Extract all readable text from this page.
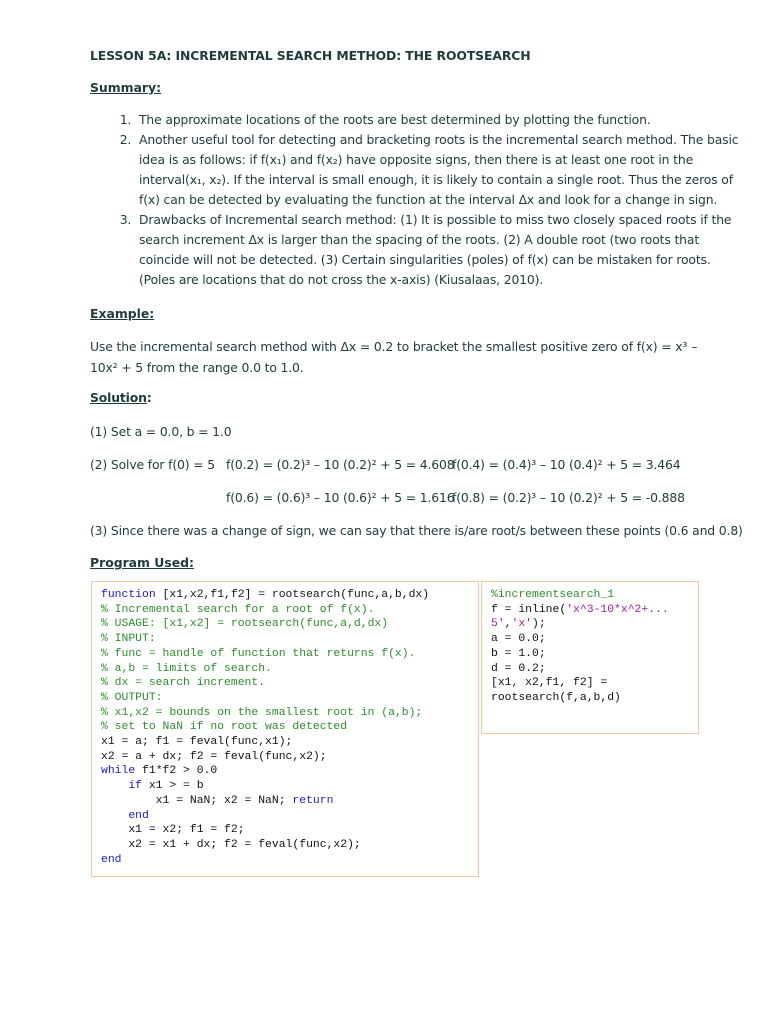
LESSON 5A: INCREMENTAL SEARCH METHOD: THE ROOTSEARCH
Summary:
1. The approximate locations of the roots are best determined by plotting the function.
2. Another useful tool for detecting and bracketing roots is the incremental search method. The basic idea is as follows: if f(x₁) and f(x₂) have opposite signs, then there is at least one root in the interval(x₁, x₂). If the interval is small enough, it is likely to contain a single root. Thus the zeros of f(x) can be detected by evaluating the function at the interval Δx and look for a change in sign.
3. Drawbacks of Incremental search method: (1) It is possible to miss two closely spaced roots if the search increment Δx is larger than the spacing of the roots. (2) A double root (two roots that coincide will not be detected. (3) Certain singularities (poles) of f(x) can be mistaken for roots. (Poles are locations that do not cross the x-axis) (Kiusalaas, 2010).
Example:
Use the incremental search method with Δx = 0.2 to bracket the smallest positive zero of f(x) = x³ – 10x² + 5 from the range 0.0 to 1.0.
Solution:
(1) Set a = 0.0, b = 1.0
(2) Solve for f(0) = 5 f(0.2) = (0.2)³ – 10 (0.2)² + 5 = 4.608
f(0.4) = (0.4)³ – 10 (0.4)² + 5 = 3.464
f(0.6) = (0.6)³ – 10 (0.6)² + 5 = 1.616
f(0.8) = (0.2)³ – 10 (0.2)² + 5 = -0.888
(3) Since there was a change of sign, we can say that there is/are root/s between these points (0.6 and 0.8)
Program Used:
function [x1,x2,f1,f2] = rootsearch(func,a,b,dx)
% Incremental search for a root of f(x).
% USAGE: [x1,x2] = rootsearch(func,a,d,dx)
% INPUT:
% func = handle of function that returns f(x).
% a,b = limits of search.
% dx = search increment.
% OUTPUT:
% x1,x2 = bounds on the smallest root in (a,b);
% set to NaN if no root was detected
x1 = a; f1 = feval(func,x1);
x2 = a + dx; f2 = feval(func,x2);
while f1*f2 > 0.0
if x1 > = b
x1 = NaN; x2 = NaN; return
end
x1 = x2; f1 = f2;
x2 = x1 + dx; f2 = feval(func,x2);
end
%incrementsearch_1
f = inline('x^3-10*x^2+...
5','x');
a = 0.0;
b = 1.0;
d = 0.2;
[x1, x2,f1, f2] =
rootsearch(f,a,b,d)
